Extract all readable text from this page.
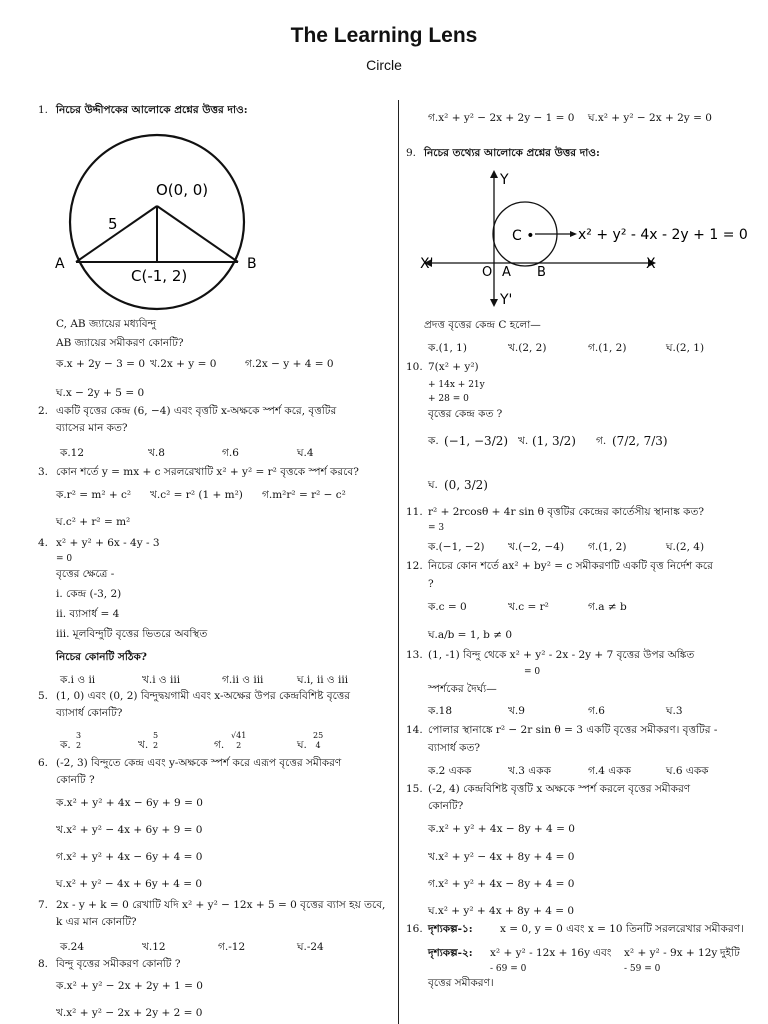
The Learning Lens
Circle
1. নিচের উদ্দীপকের আলোকে প্রশ্নের উত্তর দাও:
O(0, 0)
5
A	B
C(-1, 2)
C, AB জ্যায়ের মধ্যবিন্দু
AB জ্যায়ের সমীকরণ কোনটি?
ক.x + 2y − 3 = 0 খ.2x + y = 0	গ.2x − y + 4 = 0
ঘ.x − 2y + 5 = 0
2. একটি বৃত্তের কেন্দ্র (6, −4) এবং বৃত্তটি x-অক্ষকে স্পর্শ করে, বৃত্তটির
ব্যাসের মান কত?
ক.12	খ.8	গ.6	ঘ.4
3. কোন শর্তে y = mx + c সরলরেখাটি x² + y² = r² বৃত্তকে স্পর্শ করবে?
ক.r² = m² + c² খ.c² = r² (1 + m²) গ.m²r² = r² − c²
ঘ.c² + r² = m²
4. x² + y² + 6x - 4y - 3
= 0
বৃত্তের ক্ষেত্রে -
i. কেন্দ্র (-3, 2)
ii. ব্যাসার্ধ = 4
iii. মূলবিন্দুটি বৃত্তের ভিতরে অবস্থিত
নিচের কোনটি সঠিক?
ক.i ও ii	খ.i ও iii	গ.ii ও iii	ঘ.i, ii ও iii
5. (1, 0) এবং (0, 2) বিন্দুদ্বয়গামী এবং x-অক্ষের উপর কেন্দ্রবিশিষ্ট বৃত্তের
ব্যাসার্ধ কোনটি?
ক.
3
2	খ.
5
2	গ.
√41
2	ঘ.
25
4
6. (-2, 3) বিন্দুতে কেন্দ্র এবং y-অক্ষকে স্পর্শ করে এরূপ বৃত্তের সমীকরণ
কোনটি ?
ক.x² + y² + 4x − 6y + 9 = 0
খ.x² + y² − 4x + 6y + 9 = 0
গ.x² + y² + 4x − 6y + 4 = 0
ঘ.x² + y² − 4x + 6y + 4 = 0
7. 2x - y + k = 0 রেখাটি যদি x² + y² − 12x + 5 = 0 বৃত্তের ব্যাস হয় তবে,
k এর মান কোনটি?
ক.24	খ.12	গ.-12	ঘ.-24
8. বিন্দু বৃত্তের সমীকরণ কোনটি ?
ক.x² + y² − 2x + 2y + 1 = 0
খ.x² + y² − 2x + 2y + 2 = 0
গ.x² + y² − 2x + 2y − 1 = 0 ঘ.x² + y² − 2x + 2y = 0
9. নিচের তথ্যের আলোকে প্রশ্নের উত্তর দাও:
Y
Y'
X
X'
O A B
C •	x² + y² - 4x - 2y + 1 = 0
প্রদত্ত বৃত্তের কেন্দ্র C হলো—
ক.(1, 1)	খ.(2, 2)	গ.(1, 2)	ঘ.(2, 1)
10. 7(x² + y²)
+ 14x + 21y
+ 28 = 0
বৃত্তের কেন্দ্র কত ?
ক. (−1, −3/2) খ. (1, 3/2) গ. (7/2, 7/3)
ঘ. (0, 3/2)
11. r² + 2rcosθ + 4r sin θ বৃত্তটির কেন্দ্রের কার্তেসীয় স্থানাঙ্ক কত?
= 3
ক.(−1, −2) খ.(−2, −4) গ.(1, 2)	ঘ.(2, 4)
12. নিচের কোন শর্তে ax² + by² = c সমীকরণটি একটি বৃত্ত নির্দেশ করে
?
ক.c = 0	খ.c = r²	গ.a ≠ b
ঘ.a/b = 1, b ≠ 0
13. (1, -1) বিন্দু থেকে x² + y² - 2x - 2y + 7 বৃত্তের উপর অঙ্কিত
= 0
স্পর্শকের দৈর্ঘ্য—
ক.18	খ.9	গ.6	ঘ.3
14. পোলার স্থানাঙ্কে r² − 2r sin θ = 3 একটি বৃত্তের সমীকরণ। বৃত্তটির -
ব্যাসার্ধ কত?
ক.2 একক	খ.3 একক	গ.4 একক	ঘ.6 একক
15. (-2, 4) কেন্দ্রবিশিষ্ট বৃত্তটি x অক্ষকে স্পর্শ করলে বৃত্তের সমীকরণ
কোনটি?
ক.x² + y² + 4x − 8y + 4 = 0
খ.x² + y² − 4x + 8y + 4 = 0
গ.x² + y² + 4x − 8y + 4 = 0
ঘ.x² + y² + 4x + 8y + 4 = 0
16. দৃশ্যকল্প-১:	x = 0, y = 0 এবং x = 10 তিনটি সরলরেখার সমীকরণ।
দৃশ্যকল্প-২: x² + y² - 12x + 16y এবং x² + y² - 9x + 12y দুইটি
- 69 = 0	- 59 = 0
বৃত্তের সমীকরণ।
